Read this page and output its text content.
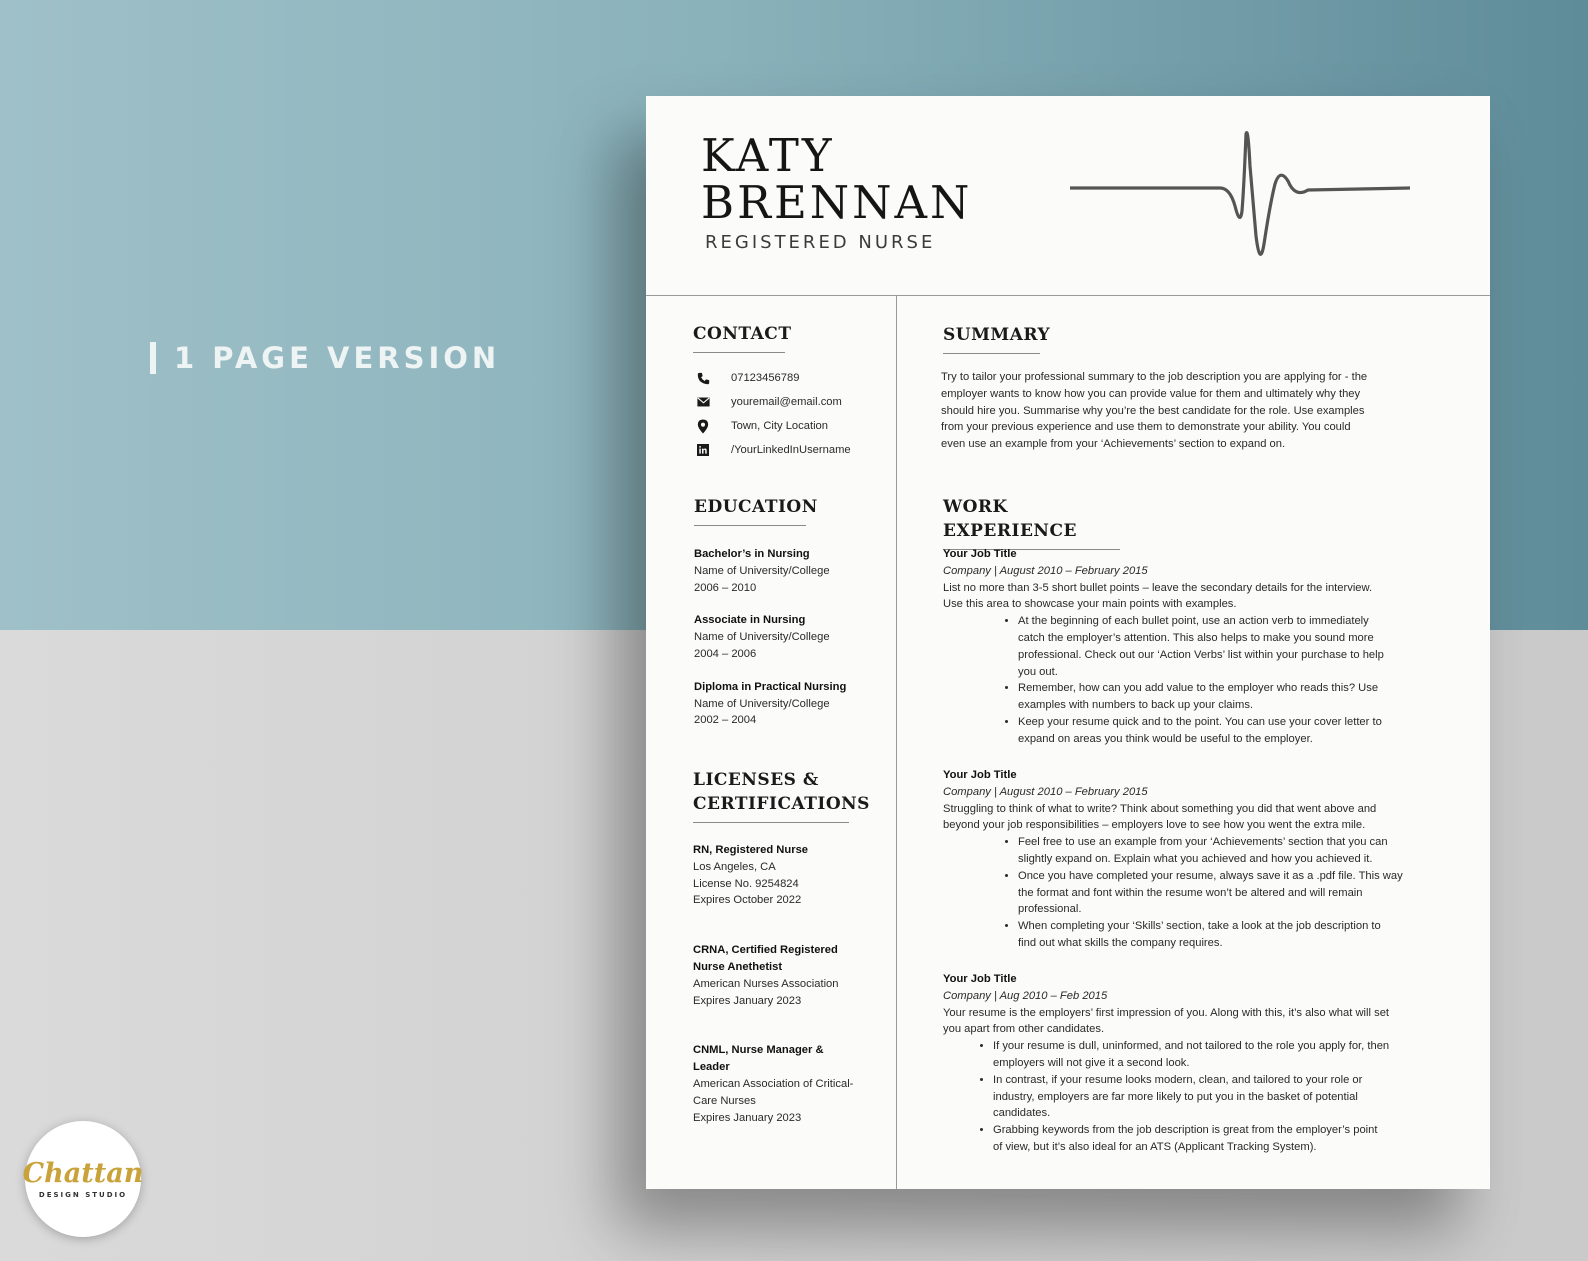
1 PAGE VERSION
KATY
BRENNAN
REGISTERED NURSE
CONTACT
07123456789
youremail@email.com
Town, City Location
/YourLinkedInUsername
EDUCATION
Bachelor’s in Nursing
Name of University/College
2006 – 2010
Associate in Nursing
Name of University/College
2004 – 2006
Diploma in Practical Nursing
Name of University/College
2002 – 2004
LICENSES &
CERTIFICATIONS
RN, Registered Nurse
Los Angeles, CA
License No. 9254824
Expires October 2022
CRNA, Certified Registered
Nurse Anethetist
American Nurses Association
Expires January 2023
CNML, Nurse Manager &
Leader
American Association of Critical-
Care Nurses
Expires January 2023
SUMMARY
Try to tailor your professional summary to the job description you are applying for - the
employer wants to know how you can provide value for them and ultimately why they
should hire you. Summarise why you’re the best candidate for the role. Use examples
from your previous experience and use them to demonstrate your ability. You could
even use an example from your ‘Achievements’ section to expand on.
WORK EXPERIENCE
Your Job Title
Company | August 2010 – February 2015
List no more than 3-5 short bullet points – leave the secondary details for the interview.
Use this area to showcase your main points with examples.
• At the beginning of each bullet point, use an action verb to immediately
catch the employer’s attention. This also helps to make you sound more
professional. Check out our ‘Action Verbs’ list within your purchase to help
you out.
• Remember, how can you add value to the employer who reads this? Use
examples with numbers to back up your claims.
• Keep your resume quick and to the point. You can use your cover letter to
expand on areas you think would be useful to the employer.
Your Job Title
Company | August 2010 – February 2015
Struggling to think of what to write? Think about something you did that went above and
beyond your job responsibilities – employers love to see how you went the extra mile.
• Feel free to use an example from your ‘Achievements’ section that you can
slightly expand on. Explain what you achieved and how you achieved it.
• Once you have completed your resume, always save it as a .pdf file. This way
the format and font within the resume won’t be altered and will remain
professional.
• When completing your ‘Skills’ section, take a look at the job description to
find out what skills the company requires.
Your Job Title
Company | Aug 2010 – Feb 2015
Your resume is the employers’ first impression of you. Along with this, it’s also what will set
you apart from other candidates.
• If your resume is dull, uninformed, and not tailored to the role you apply for, then
employers will not give it a second look.
• In contrast, if your resume looks modern, clean, and tailored to your role or
industry, employers are far more likely to put you in the basket of potential
candidates.
• Grabbing keywords from the job description is great from the employer’s point
of view, but it’s also ideal for an ATS (Applicant Tracking System).
Chattan
DESIGN STUDIO
